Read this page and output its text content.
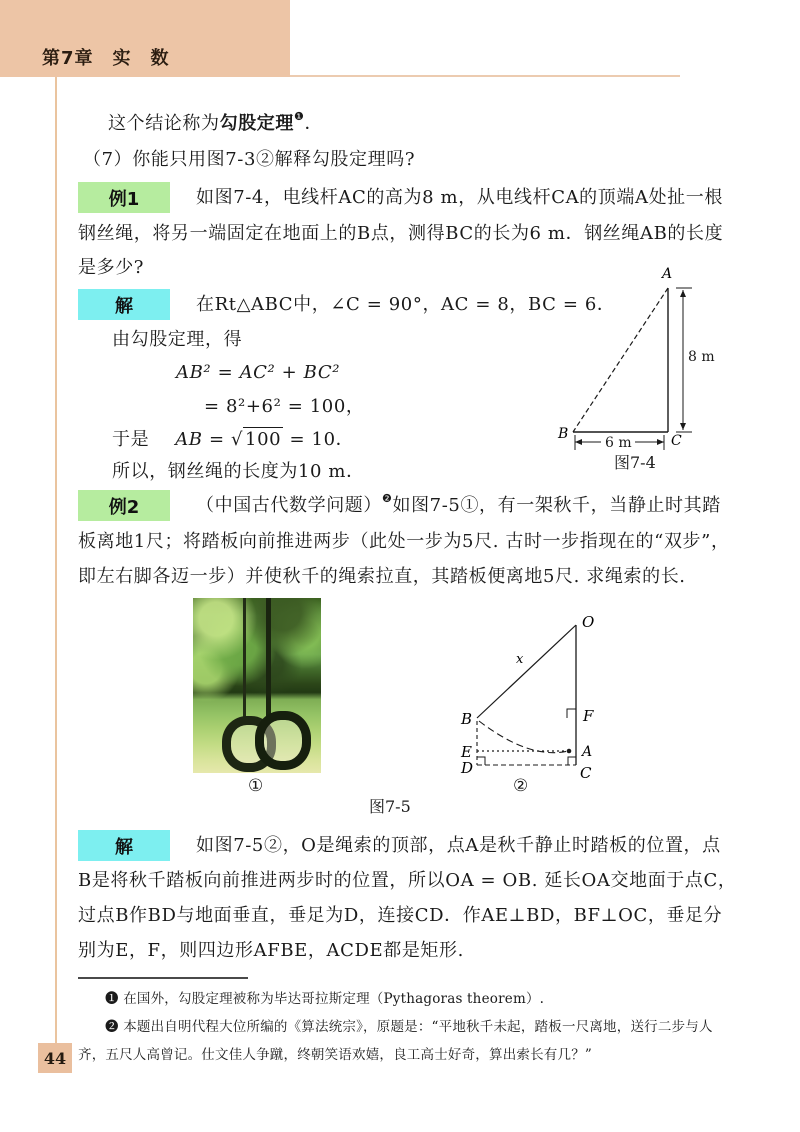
第7章　实　数
这个结论称为勾股定理$^❶$．
（7）你能只用图7-3②解释勾股定理吗?
例1	如图7-4，电线杆AC的高为8 m，从电线杆CA的顶端A处扯一根
钢丝绳，将另一端固定在地面上的B点，测得BC的长为6 m．钢丝绳AB的长度
是多少?
解	在Rt△ABC中，∠C = 90°，AC = 8，BC = 6．
由勾股定理，得
AB² = AC² + BC²
= 8²+6² = 100，
于是 AB = √ 100 = 10．
所以，钢丝绳的长度为10 m．
8 m
6 m
A
B	C
图7-4
例2	（中国古代数学问题）$^❷$如图7-5①，有一架秋千，当静止时其踏
板离地1尺；将踏板向前推进两步（此处一步为5尺. 古时一步指现在的“双步”，
即左右脚各迈一步）并使秋千的绳索拉直，其踏板便离地5尺. 求绳索的长.
O
x
B	F
E
D
A
C
①	②
图7-5
解	如图7-5②，O是绳索的顶部，点A是秋千静止时踏板的位置，点
B是将秋千踏板向前推进两步时的位置，所以OA = OB. 延长OA交地面于点C，
过点B作BD与地面垂直，垂足为D，连接CD．作AE⊥BD，BF⊥OC，垂足分
别为E，F，则四边形AFBE，ACDE都是矩形.
❶ 在国外，勾股定理被称为毕达哥拉斯定理（Pythagoras theorem）.
❷ 本题出自明代程大位所编的《算法统宗》，原题是：“平地秋千未起，踏板一尺离地，送行二步与人
齐，五尺人高曾记。仕文佳人争蹴，终朝笑语欢嬉，良工高士好奇，算出索长有几？”
44
